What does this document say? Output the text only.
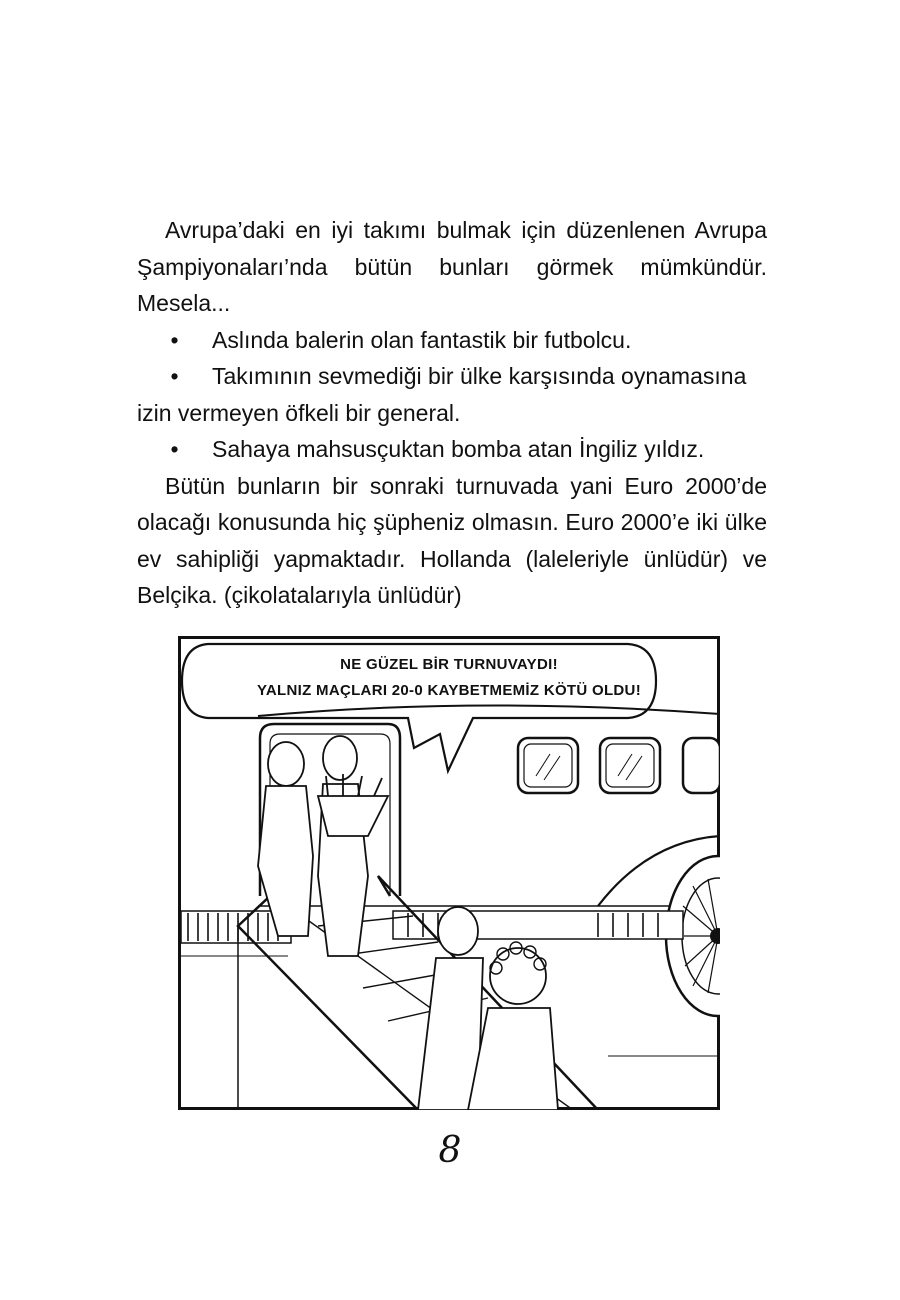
Avrupa’daki en iyi takımı bulmak için düzenlenen Avrupa Şampiyonaları’nda bütün bunları görmek mümkündür. Mesela...

• Aslında balerin olan fantastik bir futbolcu.

• Takımının sevmediği bir ülke karşısında oynamasına izin vermeyen öfkeli bir general.

• Sahaya mahsusçuktan bomba atan İngiliz yıldız.

Bütün bunların bir sonraki turnuvada yani Euro 2000’de olacağı konusunda hiç şüpheniz olmasın. Euro 2000’e iki ülke ev sahipliği yapmaktadır. Hollanda (laleleriyle ünlüdür) ve Belçika. (çikolatalarıyla ünlüdür)

NE GÜZEL BİR TURNUVAYDI!
YALNIZ MAÇLARI 20-0 KAYBETMEMİZ KÖTÜ OLDU!
8
